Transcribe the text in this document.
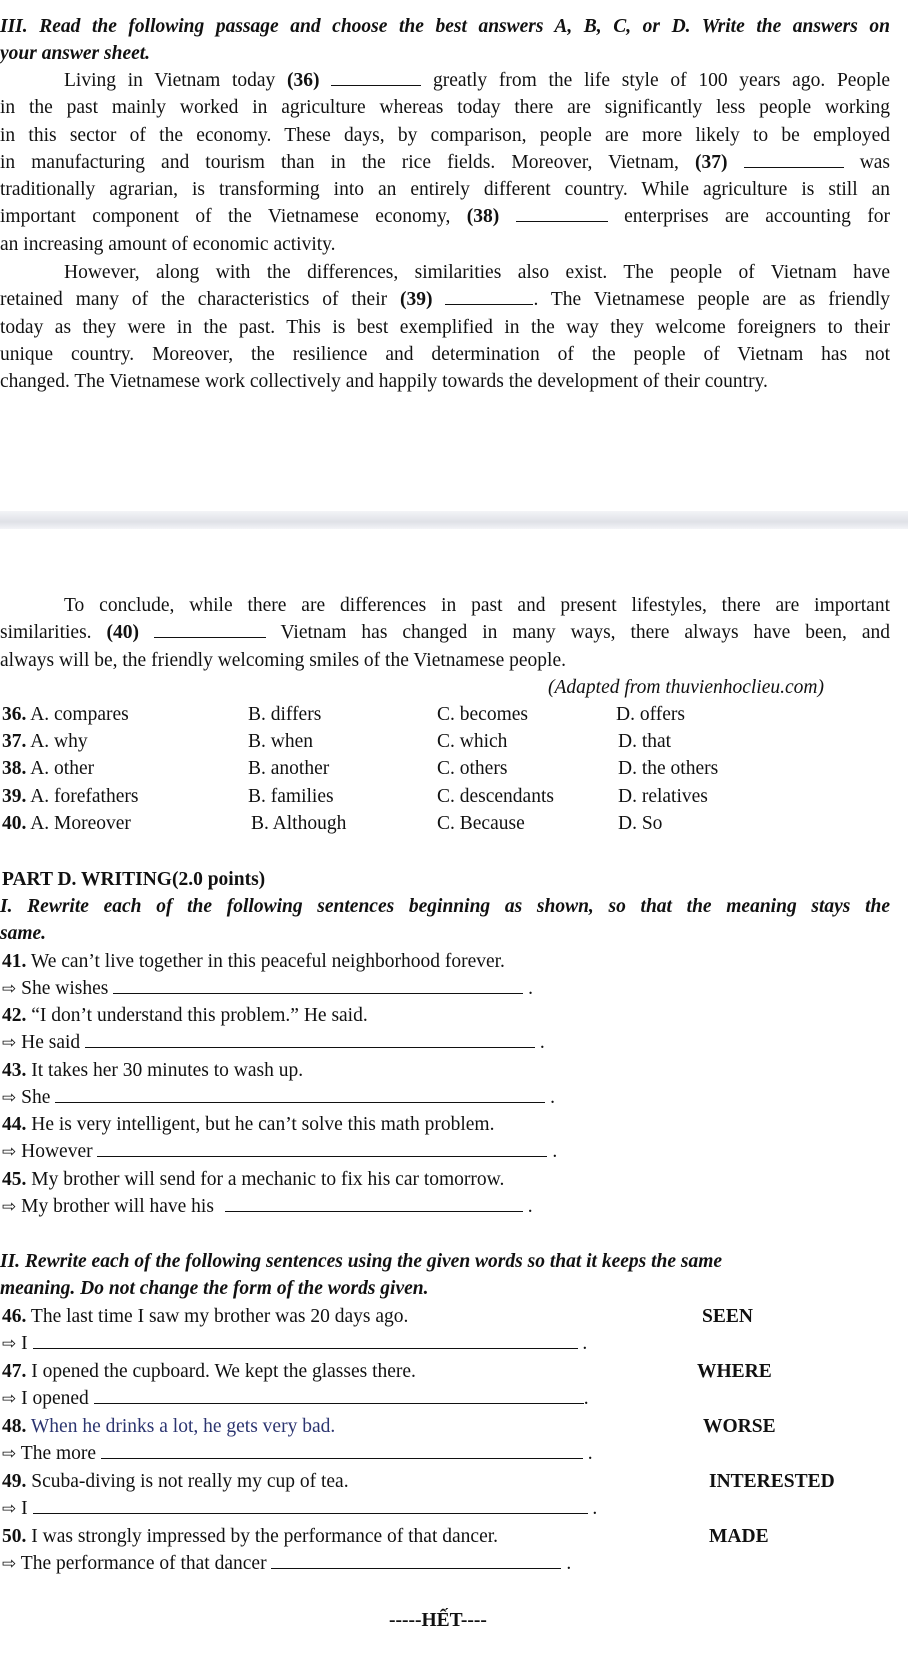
III. Read the following passage and choose the best answers A, B, C, or D. Write the answers on
your answer sheet.
Living in Vietnam today (36)	greatly from the life style of 100 years ago. People
in the past mainly worked in agriculture whereas today there are significantly less people working
in this sector of the economy. These days, by comparison, people are more likely to be employed
in manufacturing and tourism than in the rice fields. Moreover, Vietnam, (37)	was
traditionally agrarian, is transforming into an entirely different country. While agriculture is still an
important component of the Vietnamese economy, (38)	enterprises are accounting for
an increasing amount of economic activity.
However, along with the differences, similarities also exist. The people of Vietnam have
retained many of the characteristics of their (39)	. The Vietnamese people are as friendly
today as they were in the past. This is best exemplified in the way they welcome foreigners to their
unique country. Moreover, the resilience and determination of the people of Vietnam has not
changed. The Vietnamese work collectively and happily towards the development of their country.
To conclude, while there are differences in past and present lifestyles, there are important
similarities. (40)	Vietnam has changed in many ways, there always have been, and
always will be, the friendly welcoming smiles of the Vietnamese people.
(Adapted from thuvienhoclieu.com)
36. A. compares	B. differs	C. becomes	D. offers
37. A. why	B. when	C. which	D. that
38. A. other	B. another	C. others	D. the others
39. A. forefathers	B. families	C. descendants	D. relatives
40. A. Moreover	B. Although	C. Because	D. So
PART D. WRITING(2.0 points)
I. Rewrite each of the following sentences beginning as shown, so that the meaning stays the
same.
41. We can’t live together in this peaceful neighborhood forever.
⇨ She wishes	.
42. “I don’t understand this problem.” He said.
⇨ He said	.
43. It takes her 30 minutes to wash up.
⇨ She	.
44. He is very intelligent, but he can’t solve this math problem.
⇨ However	.
45. My brother will send for a mechanic to fix his car tomorrow.
⇨ My brother will have his	.
II. Rewrite each of the following sentences using the given words so that it keeps the same
meaning. Do not change the form of the words given.
46. The last time I saw my brother was 20 days ago.	SEEN
⇨ I	.
47. I opened the cupboard. We kept the glasses there.	WHERE
⇨ I opened	.
48. When he drinks a lot, he gets very bad.	WORSE
⇨ The more	.
49. Scuba-diving is not really my cup of tea.	INTERESTED
⇨ I	.
50. I was strongly impressed by the performance of that dancer.	MADE
⇨ The performance of that dancer	.
-----HẾT----
